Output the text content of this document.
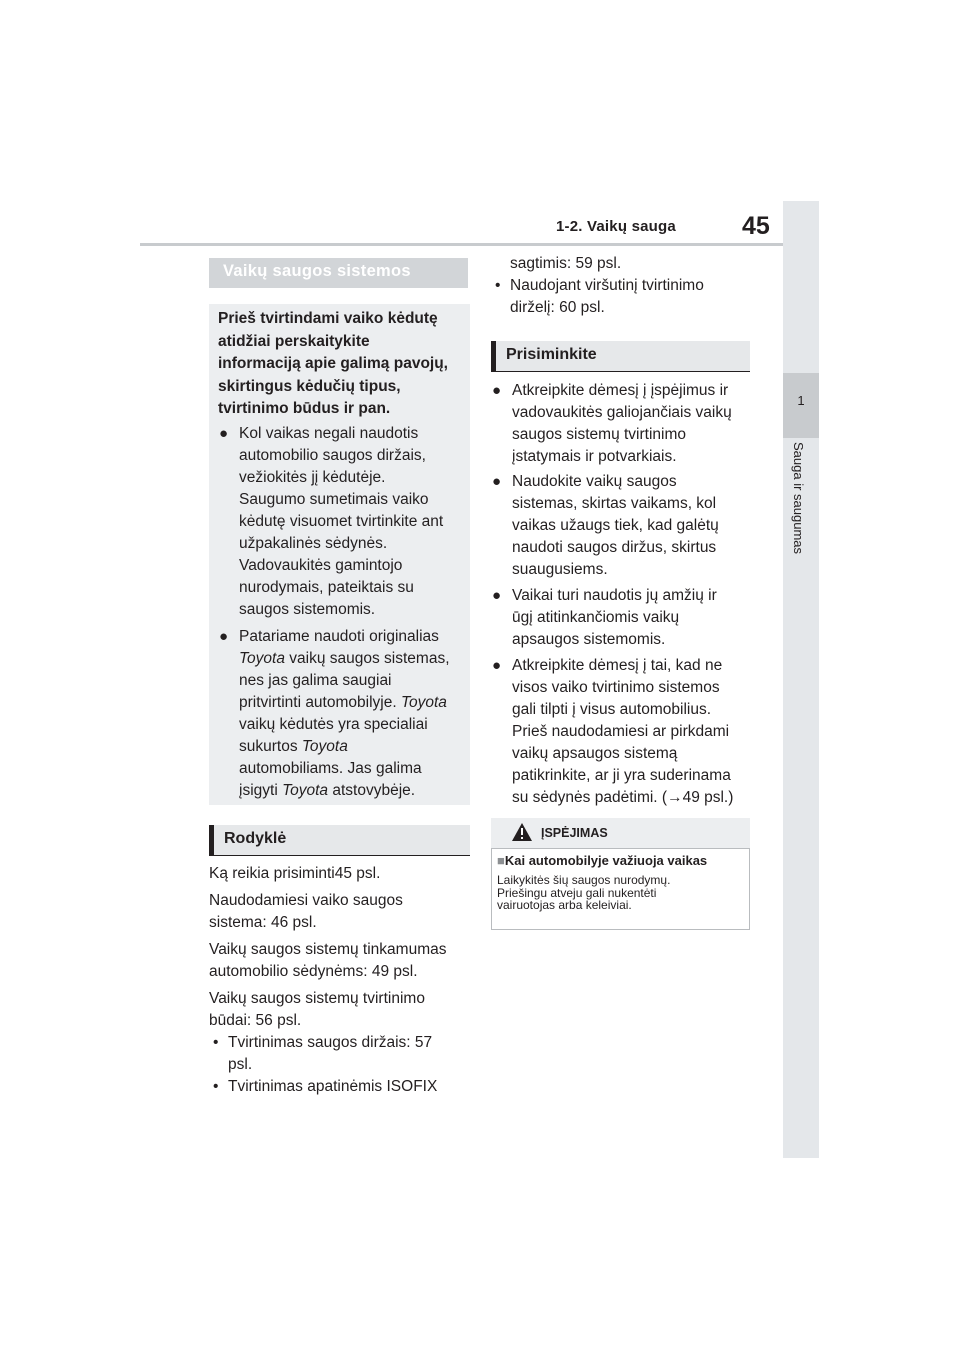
1-2. Vaikų sauga	45
1
Sauga ir saugumas
Vaikų saugos sistemos

Prieš tvirtindami vaiko kėdutę

atidžiai perskaitykite

informaciją apie galimą pavojų,

skirtingus kėdučių tipus,

tvirtinimo būdus ir pan.

● Kol vaikas negali naudotis

automobilio saugos diržais,

vežiokitės jį kėdutėje.

Saugumo sumetimais vaiko

kėdutę visuomet tvirtinkite ant

užpakalinės sėdynės.

Vadovaukitės gamintojo

nurodymais, pateiktais su

saugos sistemomis.

● Patariame naudoti originalias

Toyota vaikų saugos sistemas,

nes jas galima saugiai

pritvirtinti automobilyje. Toyota

vaikų kėdutės yra specialiai

sukurtos Toyota

automobiliams. Jas galima

įsigyti Toyota atstovybėje.

Rodyklė

Ką reikia prisiminti45 psl.

Naudodamiesi vaiko saugos

sistema: 46 psl.

Vaikų saugos sistemų tinkamumas

automobilio sėdynėms: 49 psl.

Vaikų saugos sistemų tvirtinimo

būdai: 56 psl.

• Tvirtinimas saugos diržais: 57

psl.

• Tvirtinimas apatinėmis ISOFIX

sagtimis: 59 psl.

• Naudojant viršutinį tvirtinimo

dirželį: 60 psl.

Prisiminkite
● Atkreipkite dėmesį į įspėjimus ir

vadovaukitės galiojančiais vaikų

saugos sistemų tvirtinimo

įstatymais ir potvarkiais.

● Naudokite vaikų saugos

sistemas, skirtas vaikams, kol

vaikas užaugs tiek, kad galėtų

naudoti saugos diržus, skirtus

suaugusiems.

● Vaikai turi naudotis jų amžių ir

ūgį atitinkančiomis vaikų

apsaugos sistemomis.

● Atkreipkite dėmesį į tai, kad ne

visos vaiko tvirtinimo sistemos

gali tilpti į visus automobilius.

Prieš naudodamiesi ar pirkdami

vaikų apsaugos sistemą

patikrinkite, ar ji yra suderinama

su sėdynės padėtimi. (→49 psl.)

ĮSPĖJIMAS
■Kai automobilyje važiuoja vaikas

Laikykitės šių saugos nurodymų.

Priešingu atveju gali nukentėti

vairuotojas arba keleiviai.
